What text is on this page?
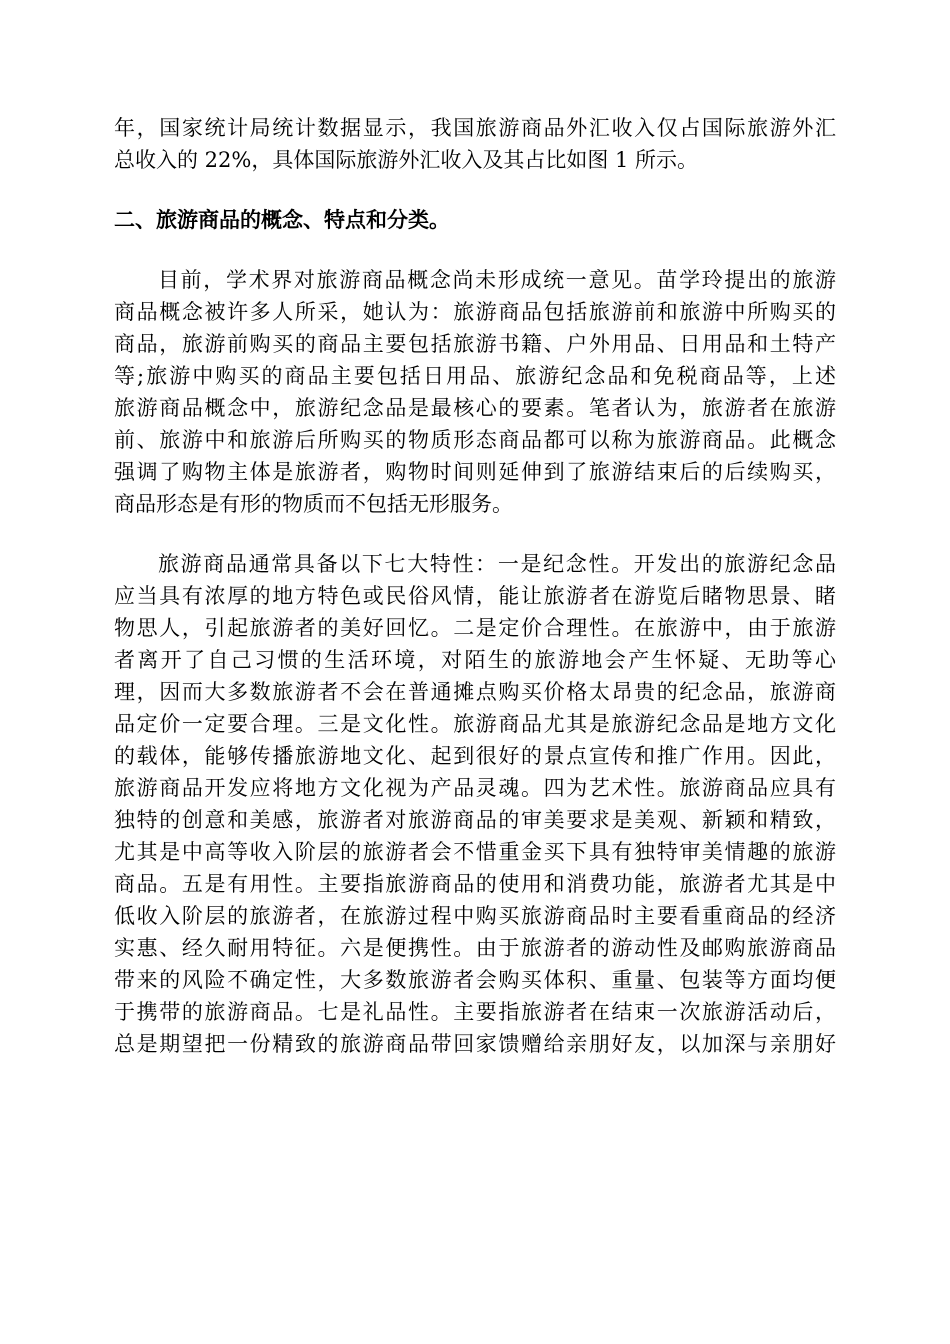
年，国家统计局统计数据显示，我国旅游商品外汇收入仅占国际旅游外汇
总收入的 22%，具体国际旅游外汇收入及其占比如图 1 所示。
二、旅游商品的概念、特点和分类。
目前，学术界对旅游商品概念尚未形成统一意见。苗学玲提出的旅游
商品概念被许多人所采，她认为：旅游商品包括旅游前和旅游中所购买的
商品，旅游前购买的商品主要包括旅游书籍、户外用品、日用品和土特产
等;旅游中购买的商品主要包括日用品、旅游纪念品和免税商品等，上述
旅游商品概念中，旅游纪念品是最核心的要素。笔者认为，旅游者在旅游
前、旅游中和旅游后所购买的物质形态商品都可以称为旅游商品。此概念
强调了购物主体是旅游者，购物时间则延伸到了旅游结束后的后续购买，
商品形态是有形的物质而不包括无形服务。
旅游商品通常具备以下七大特性：一是纪念性。开发出的旅游纪念品
应当具有浓厚的地方特色或民俗风情，能让旅游者在游览后睹物思景、睹
物思人，引起旅游者的美好回忆。二是定价合理性。在旅游中，由于旅游
者离开了自己习惯的生活环境，对陌生的旅游地会产生怀疑、无助等心
理，因而大多数旅游者不会在普通摊点购买价格太昂贵的纪念品，旅游商
品定价一定要合理。三是文化性。旅游商品尤其是旅游纪念品是地方文化
的载体，能够传播旅游地文化、起到很好的景点宣传和推广作用。因此，
旅游商品开发应将地方文化视为产品灵魂。四为艺术性。旅游商品应具有
独特的创意和美感，旅游者对旅游商品的审美要求是美观、新颖和精致，
尤其是中高等收入阶层的旅游者会不惜重金买下具有独特审美情趣的旅游
商品。五是有用性。主要指旅游商品的使用和消费功能，旅游者尤其是中
低收入阶层的旅游者，在旅游过程中购买旅游商品时主要看重商品的经济
实惠、经久耐用特征。六是便携性。由于旅游者的游动性及邮购旅游商品
带来的风险不确定性，大多数旅游者会购买体积、重量、包装等方面均便
于携带的旅游商品。七是礼品性。主要指旅游者在结束一次旅游活动后，
总是期望把一份精致的旅游商品带回家馈赠给亲朋好友，以加深与亲朋好
